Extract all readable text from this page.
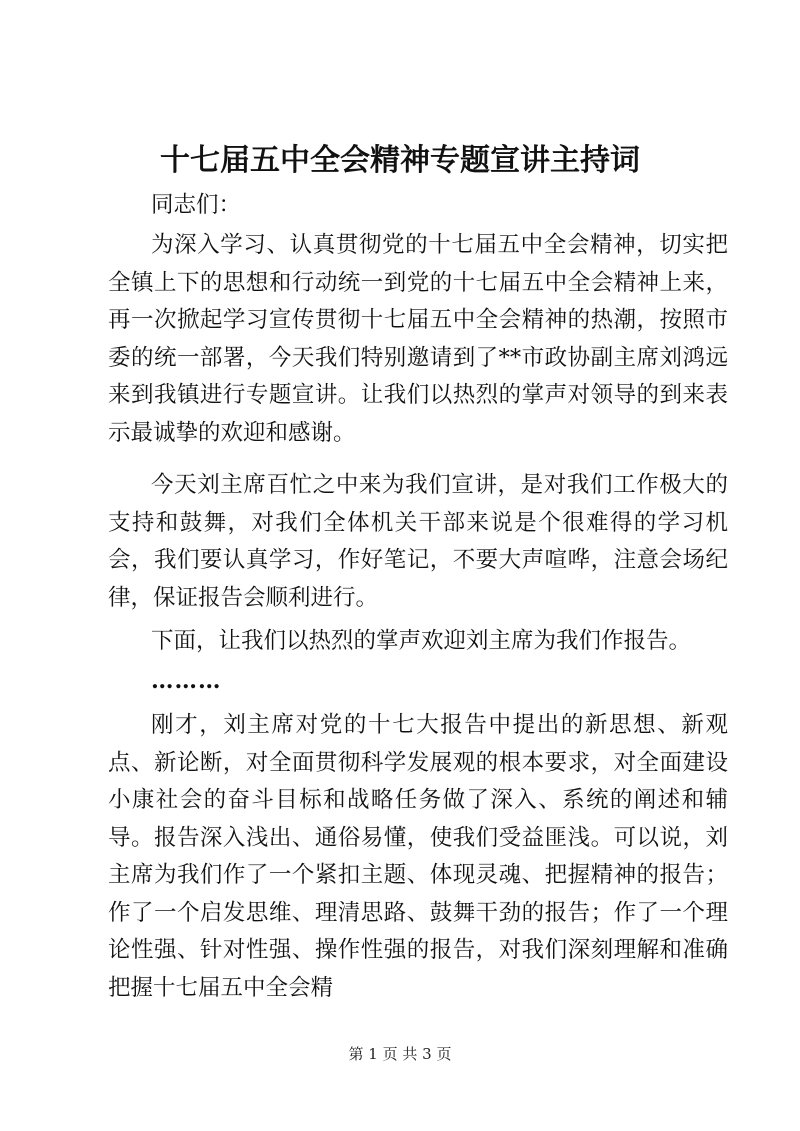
十七届五中全会精神专题宣讲主持词
同志们：
为深入学习、认真贯彻党的十七届五中全会精神，切实把全镇上下的思想和行动统一到党的十七届五中全会精神上来，再一次掀起学习宣传贯彻十七届五中全会精神的热潮，按照市委的统一部署，今天我们特别邀请到了**市政协副主席刘鸿远来到我镇进行专题宣讲。让我们以热烈的掌声对领导的到来表示最诚挚的欢迎和感谢。
今天刘主席百忙之中来为我们宣讲，是对我们工作极大的支持和鼓舞，对我们全体机关干部来说是个很难得的学习机会，我们要认真学习，作好笔记，不要大声喧哗，注意会场纪律，保证报告会顺利进行。
下面，让我们以热烈的掌声欢迎刘主席为我们作报告。
………
刚才，刘主席对党的十七大报告中提出的新思想、新观点、新论断，对全面贯彻科学发展观的根本要求，对全面建设小康社会的奋斗目标和战略任务做了深入、系统的阐述和辅导。报告深入浅出、通俗易懂，使我们受益匪浅。可以说，刘主席为我们作了一个紧扣主题、体现灵魂、把握精神的报告；作了一个启发思维、理清思路、鼓舞干劲的报告；作了一个理论性强、针对性强、操作性强的报告，对我们深刻理解和准确把握十七届五中全会精
第 1 页 共 3 页
